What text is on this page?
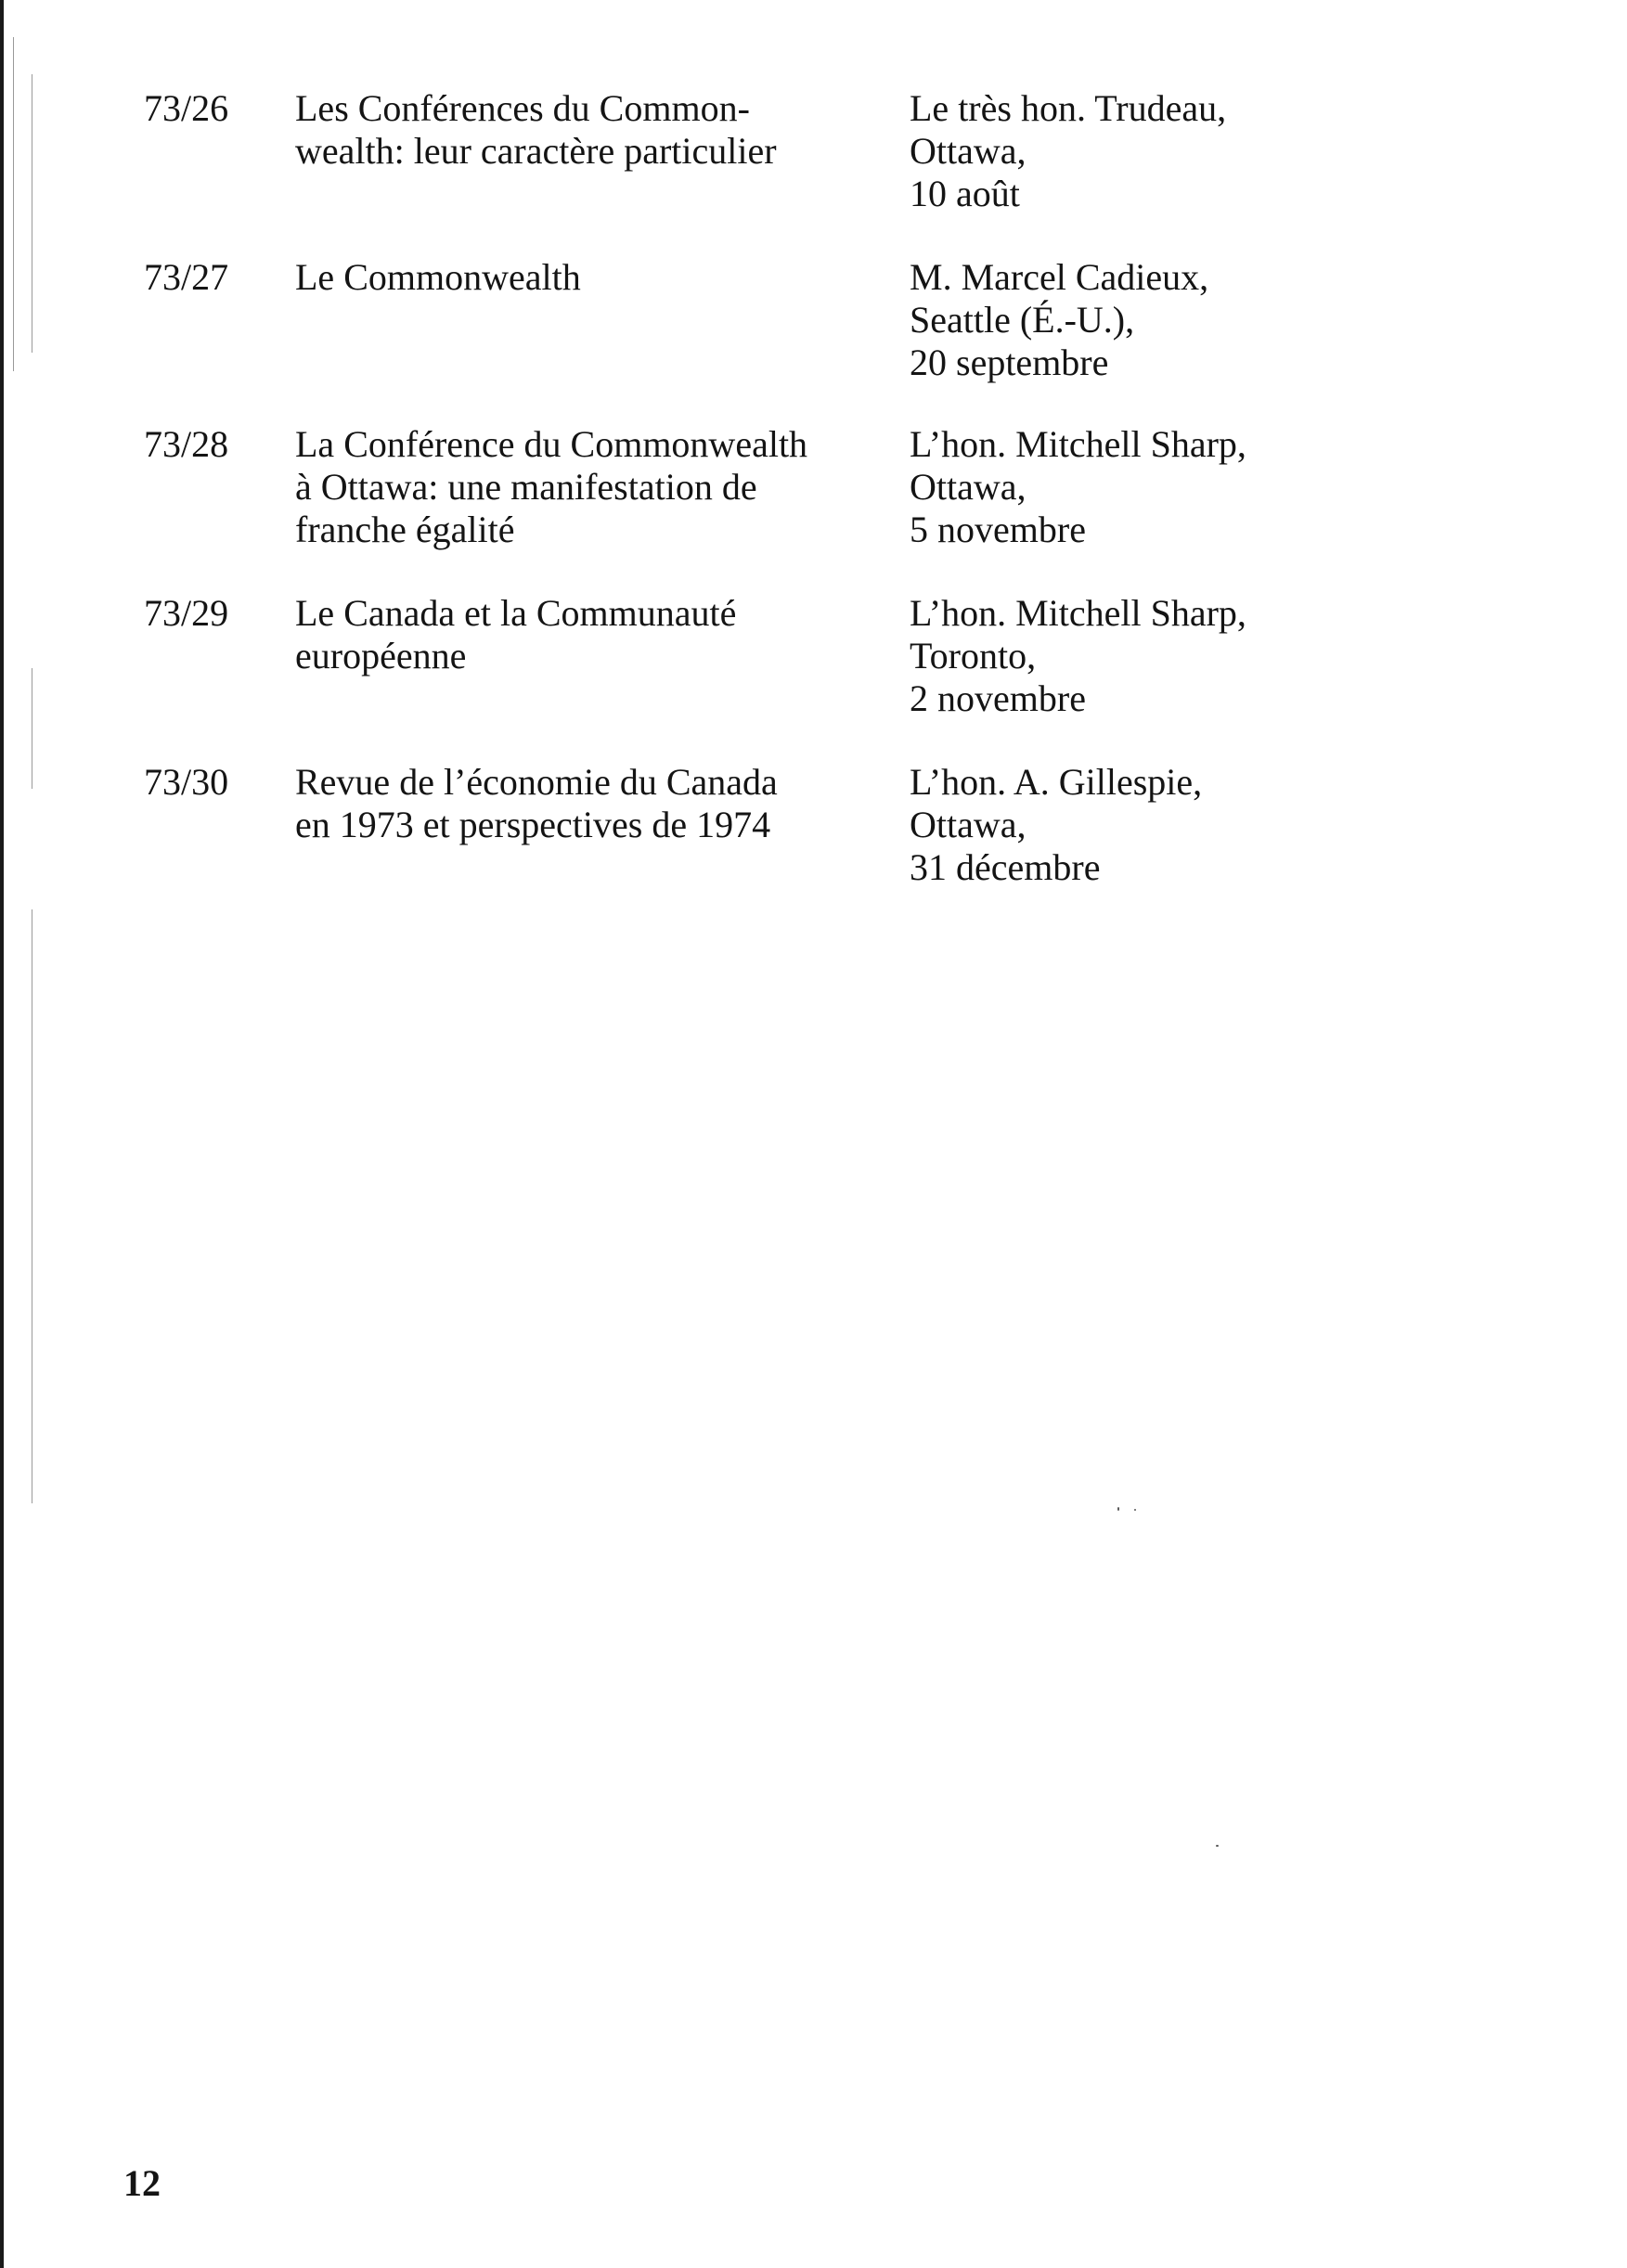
73/26 Les Conférences du Common-
wealth: leur caractère particulier
Le très hon. Trudeau,
Ottawa,
10 août
73/27 Le Commonwealth	M. Marcel Cadieux,
Seattle (É.-U.),
20 septembre
73/28 La Conférence du Commonwealth
à Ottawa: une manifestation de
franche égalité
L’hon. Mitchell Sharp,
Ottawa,
5 novembre
73/29 Le Canada et la Communauté
européenne
L’hon. Mitchell Sharp,
Toronto,
2 novembre
73/30 Revue de l’économie du Canada
en 1973 et perspectives de 1974
L’hon. A. Gillespie,
Ottawa,
31 décembre
12
